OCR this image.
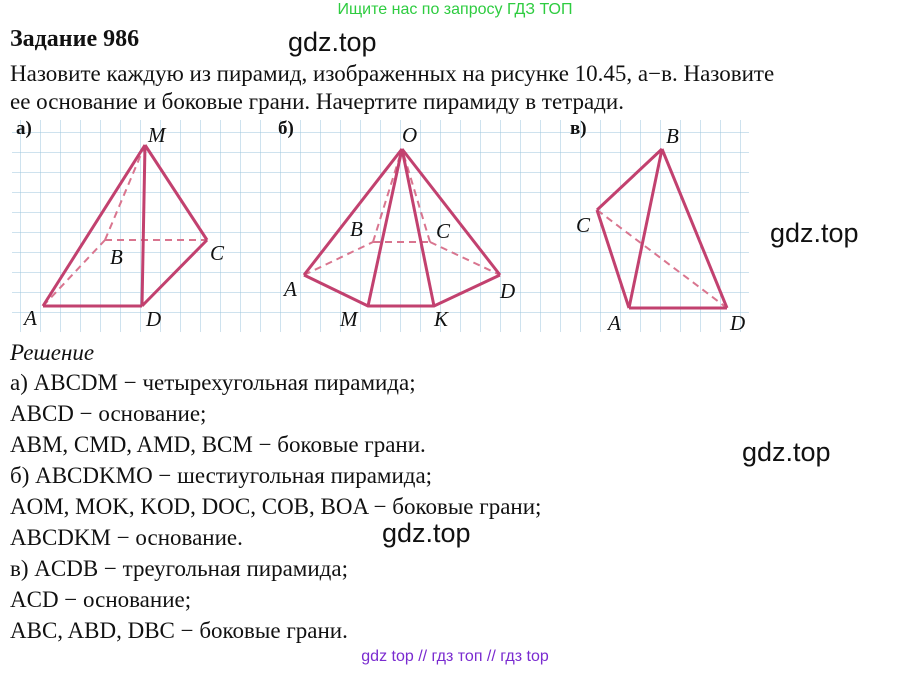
Ищите нас по запросу ГДЗ ТОП
Задание 986	gdz.top
Назовите каждую из пирамид, изображенных на рисунке 10.45, а−в. Назовите
ее основание и боковые грани. Начертите пирамиду в тетради.
а)	M
B	C
A	D
б)	O
B	C
A	D
M	K
в)	B
C
A	D
gdz.top
Решение
а) ABCDM − четырехугольная пирамида;
ABCD − основание;
ABM, CMD, AMD, BCM − боковые грани.
б) ABCDKMO − шестиугольная пирамида;
AOM, MOK, KOD, DOC, COB, BOA − боковые грани;
ABCDKM − основание.
в) ACDB − треугольная пирамида;
ACD − основание;
ABC, ABD, DBC − боковые грани.
gdz.top
gdz.top
gdz top // гдз топ // гдз top
